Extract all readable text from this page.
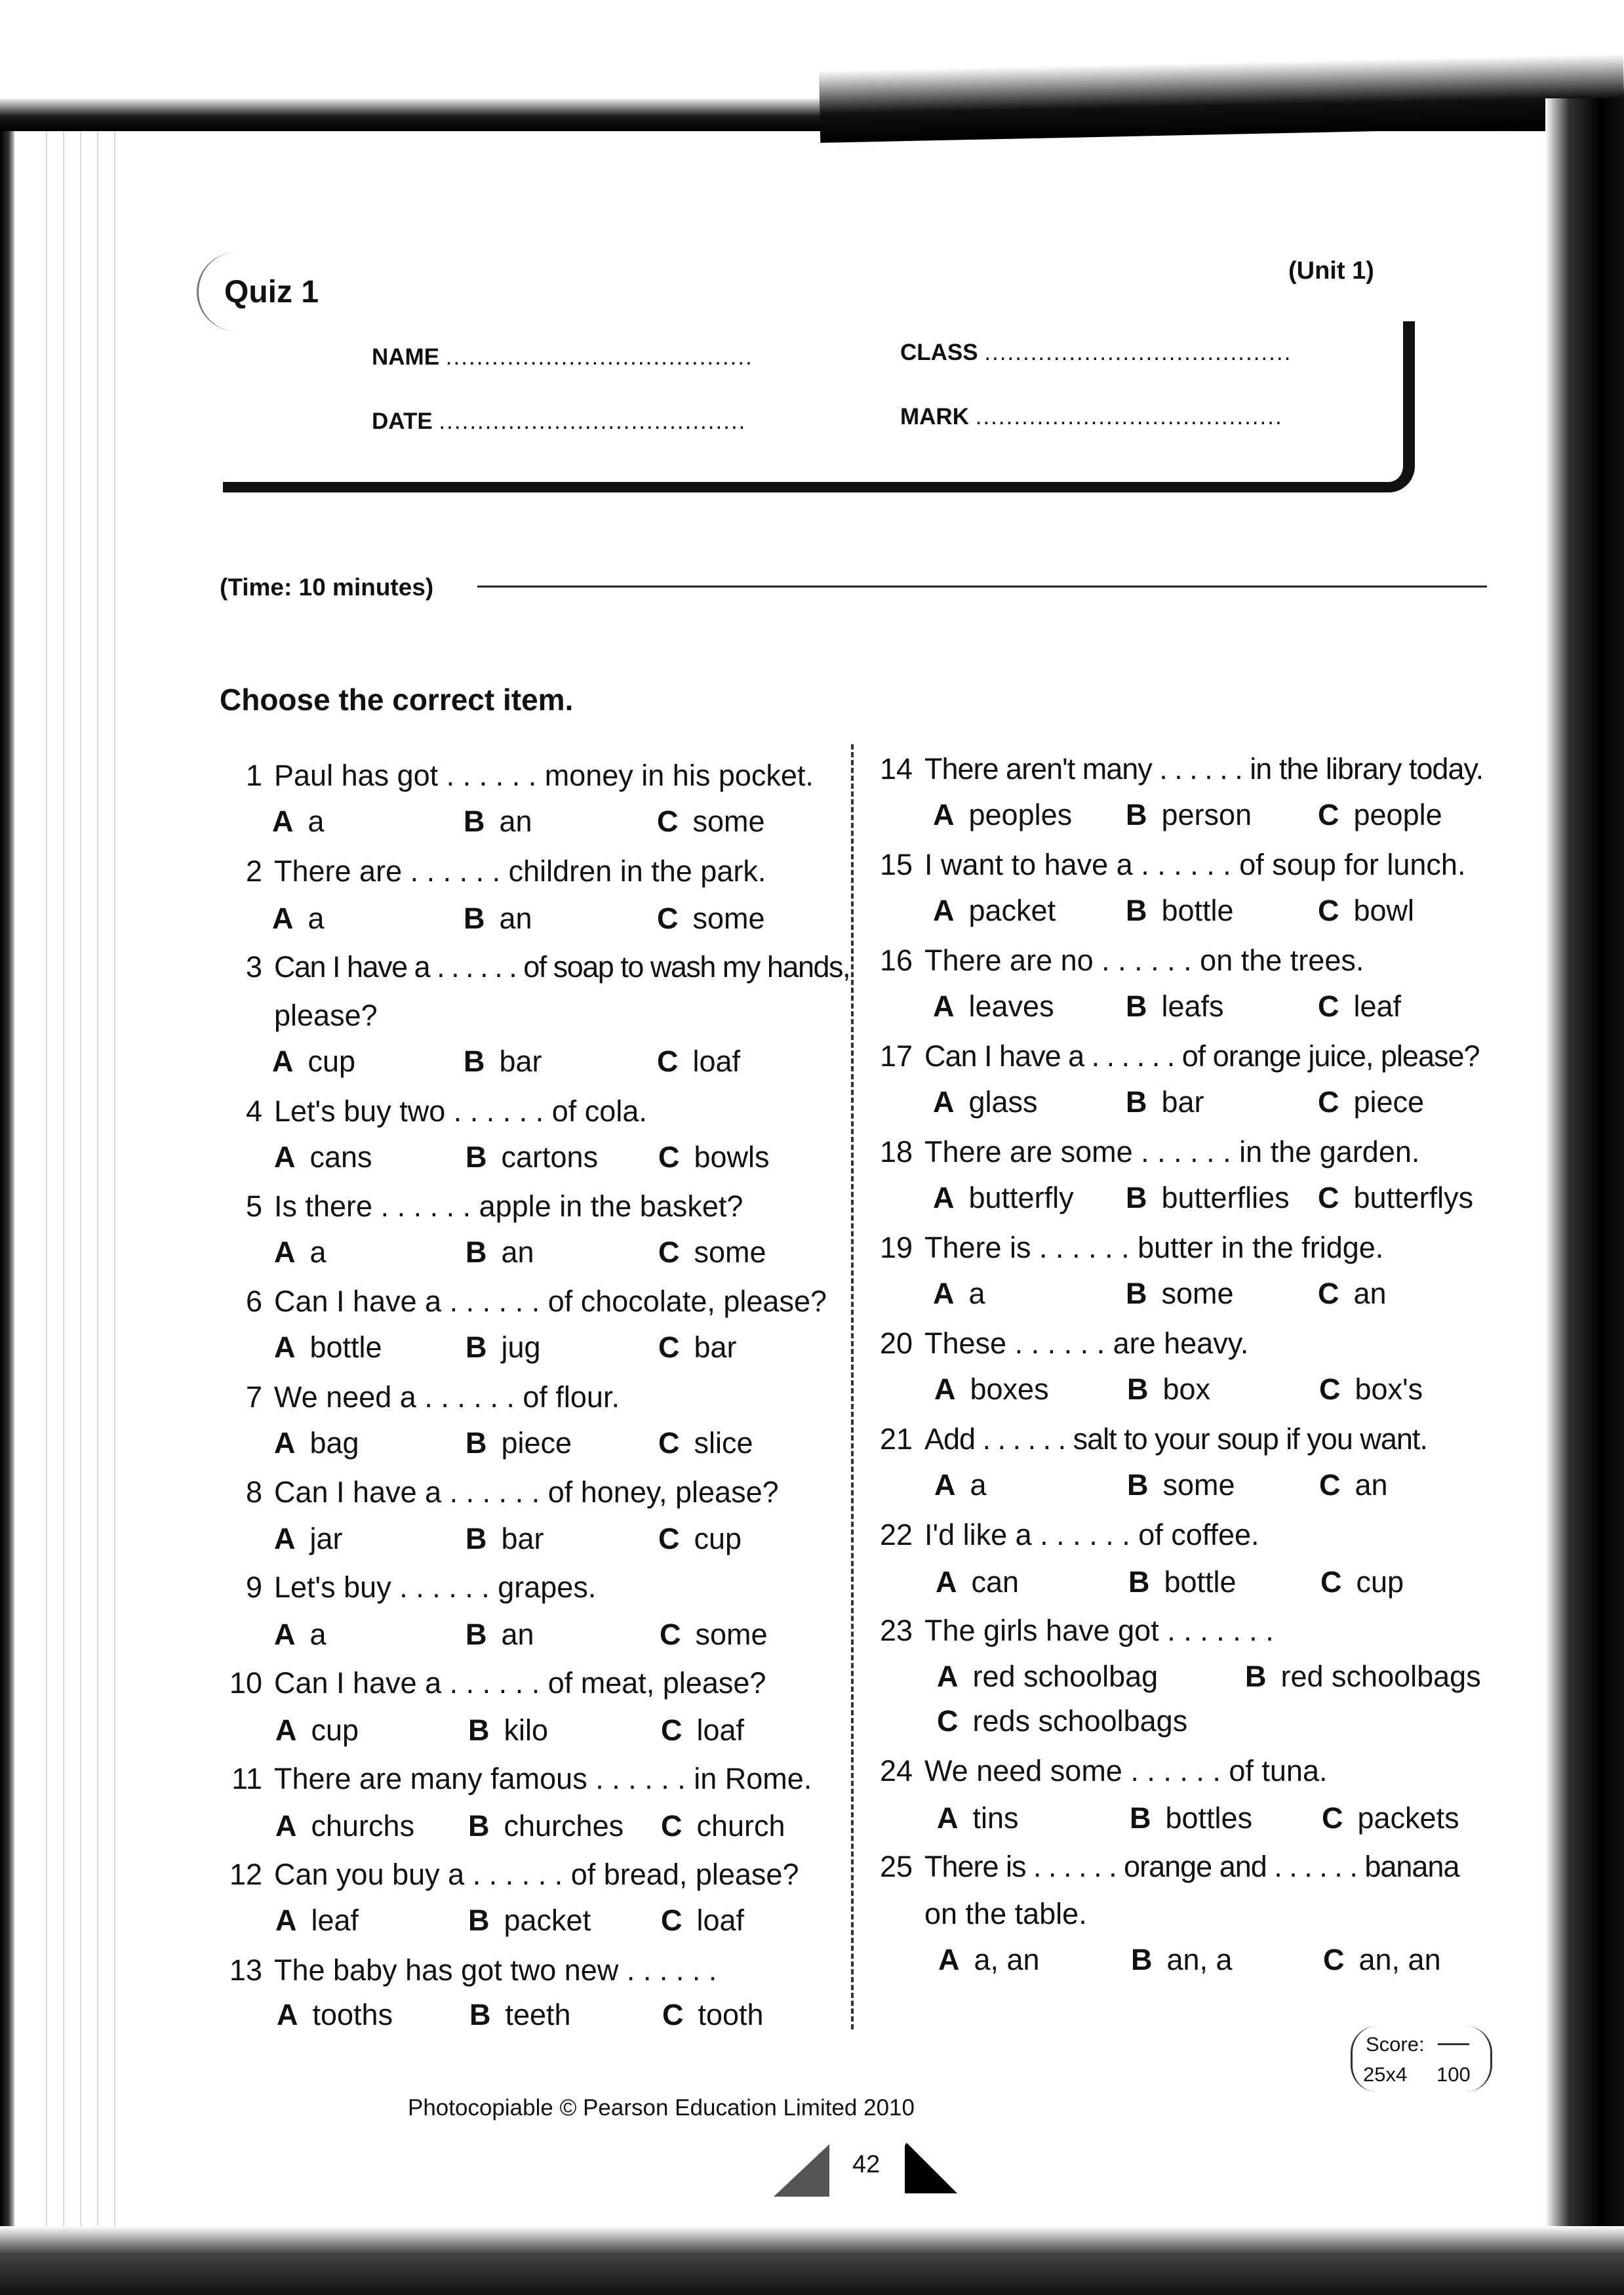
Quiz 1
(Unit 1)
NAME ........................................	CLASS ........................................
DATE ........................................	MARK ........................................
(Time: 10 minutes)
Choose the correct item.
1 Paul has got . . . . . . money in his pocket.
A a	B an	C some
2 There are . . . . . . children in the park.
A a	B an	C some
3 Can I have a . . . . . . of soap to wash my hands,
please?
A cup	B bar	C loaf
4 Let's buy two . . . . . . of cola.
A cans	B cartons C bowls
5 Is there . . . . . . apple in the basket?
A a	B an	C some
6 Can I have a . . . . . . of chocolate, please?
A bottle	B jug	C bar
7 We need a . . . . . . of flour.
A bag	B piece	C slice
8 Can I have a . . . . . . of honey, please?
A jar	B bar	C cup
9 Let's buy . . . . . . grapes.
A a	B an	C some
10 Can I have a . . . . . . of meat, please?
A cup	B kilo	C loaf
11 There are many famous . . . . . . in Rome.
A churchs B churches C church
12 Can you buy a . . . . . . of bread, please?
A leaf	B packet C loaf
13 The baby has got two new . . . . . .
A tooths	B teeth	C tooth
14 There aren't many . . . . . . in the library today.
A peoples B person C people
15 I want to have a . . . . . . of soup for lunch.
A packet B bottle	C bowl
16 There are no . . . . . . on the trees.
A leaves B leafs	C leaf
17 Can I have a . . . . . . of orange juice, please?
A glass	B bar	C piece
18 There are some . . . . . . in the garden.
A butterfly B butterflies C butterflys
19 There is . . . . . . butter in the fridge.
A a	B some	C an
20 These . . . . . . are heavy.
A boxes	B box	C box's
21 Add . . . . . . salt to your soup if you want.
A a	B some	C an
22 I'd like a . . . . . . of coffee.
A can	B bottle	C cup
23 The girls have got . . . . . . .
A red schoolbag	B red schoolbags
C reds schoolbags
24 We need some . . . . . . of tuna.
A tins	B bottles C packets
25 There is . . . . . . orange and . . . . . . banana
on the table.
A a, an	B an, a	C an, an
Score:
25x4 100
Photocopiable © Pearson Education Limited 2010
42
